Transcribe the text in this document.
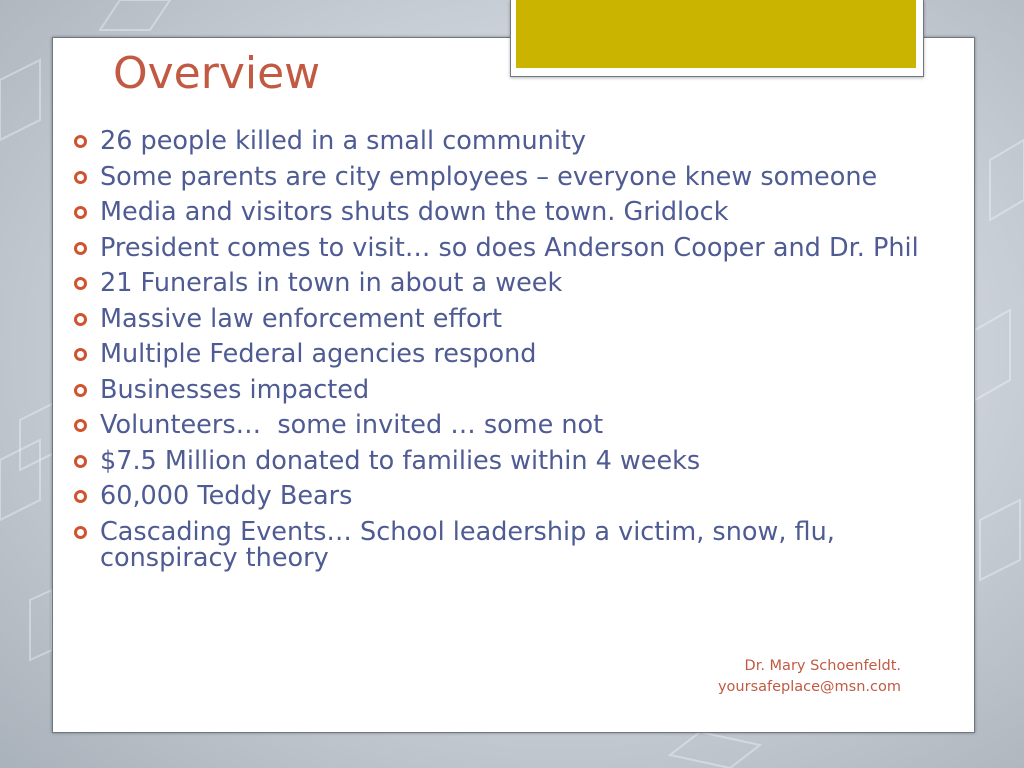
Overview
26 people killed in a small community
Some parents are city employees – everyone knew someone
Media and visitors shuts down the town. Gridlock
President comes to visit… so does Anderson Cooper and Dr. Phil
21 Funerals in town in about a week
Massive law enforcement effort
Multiple Federal agencies respond
Businesses impacted
Volunteers…  some invited … some not
$7.5 Million donated to families within 4 weeks
60,000 Teddy Bears
Cascading Events… School leadership a victim, snow, flu, conspiracy theory
Dr. Mary Schoenfeldt.
yoursafeplace@msn.com
